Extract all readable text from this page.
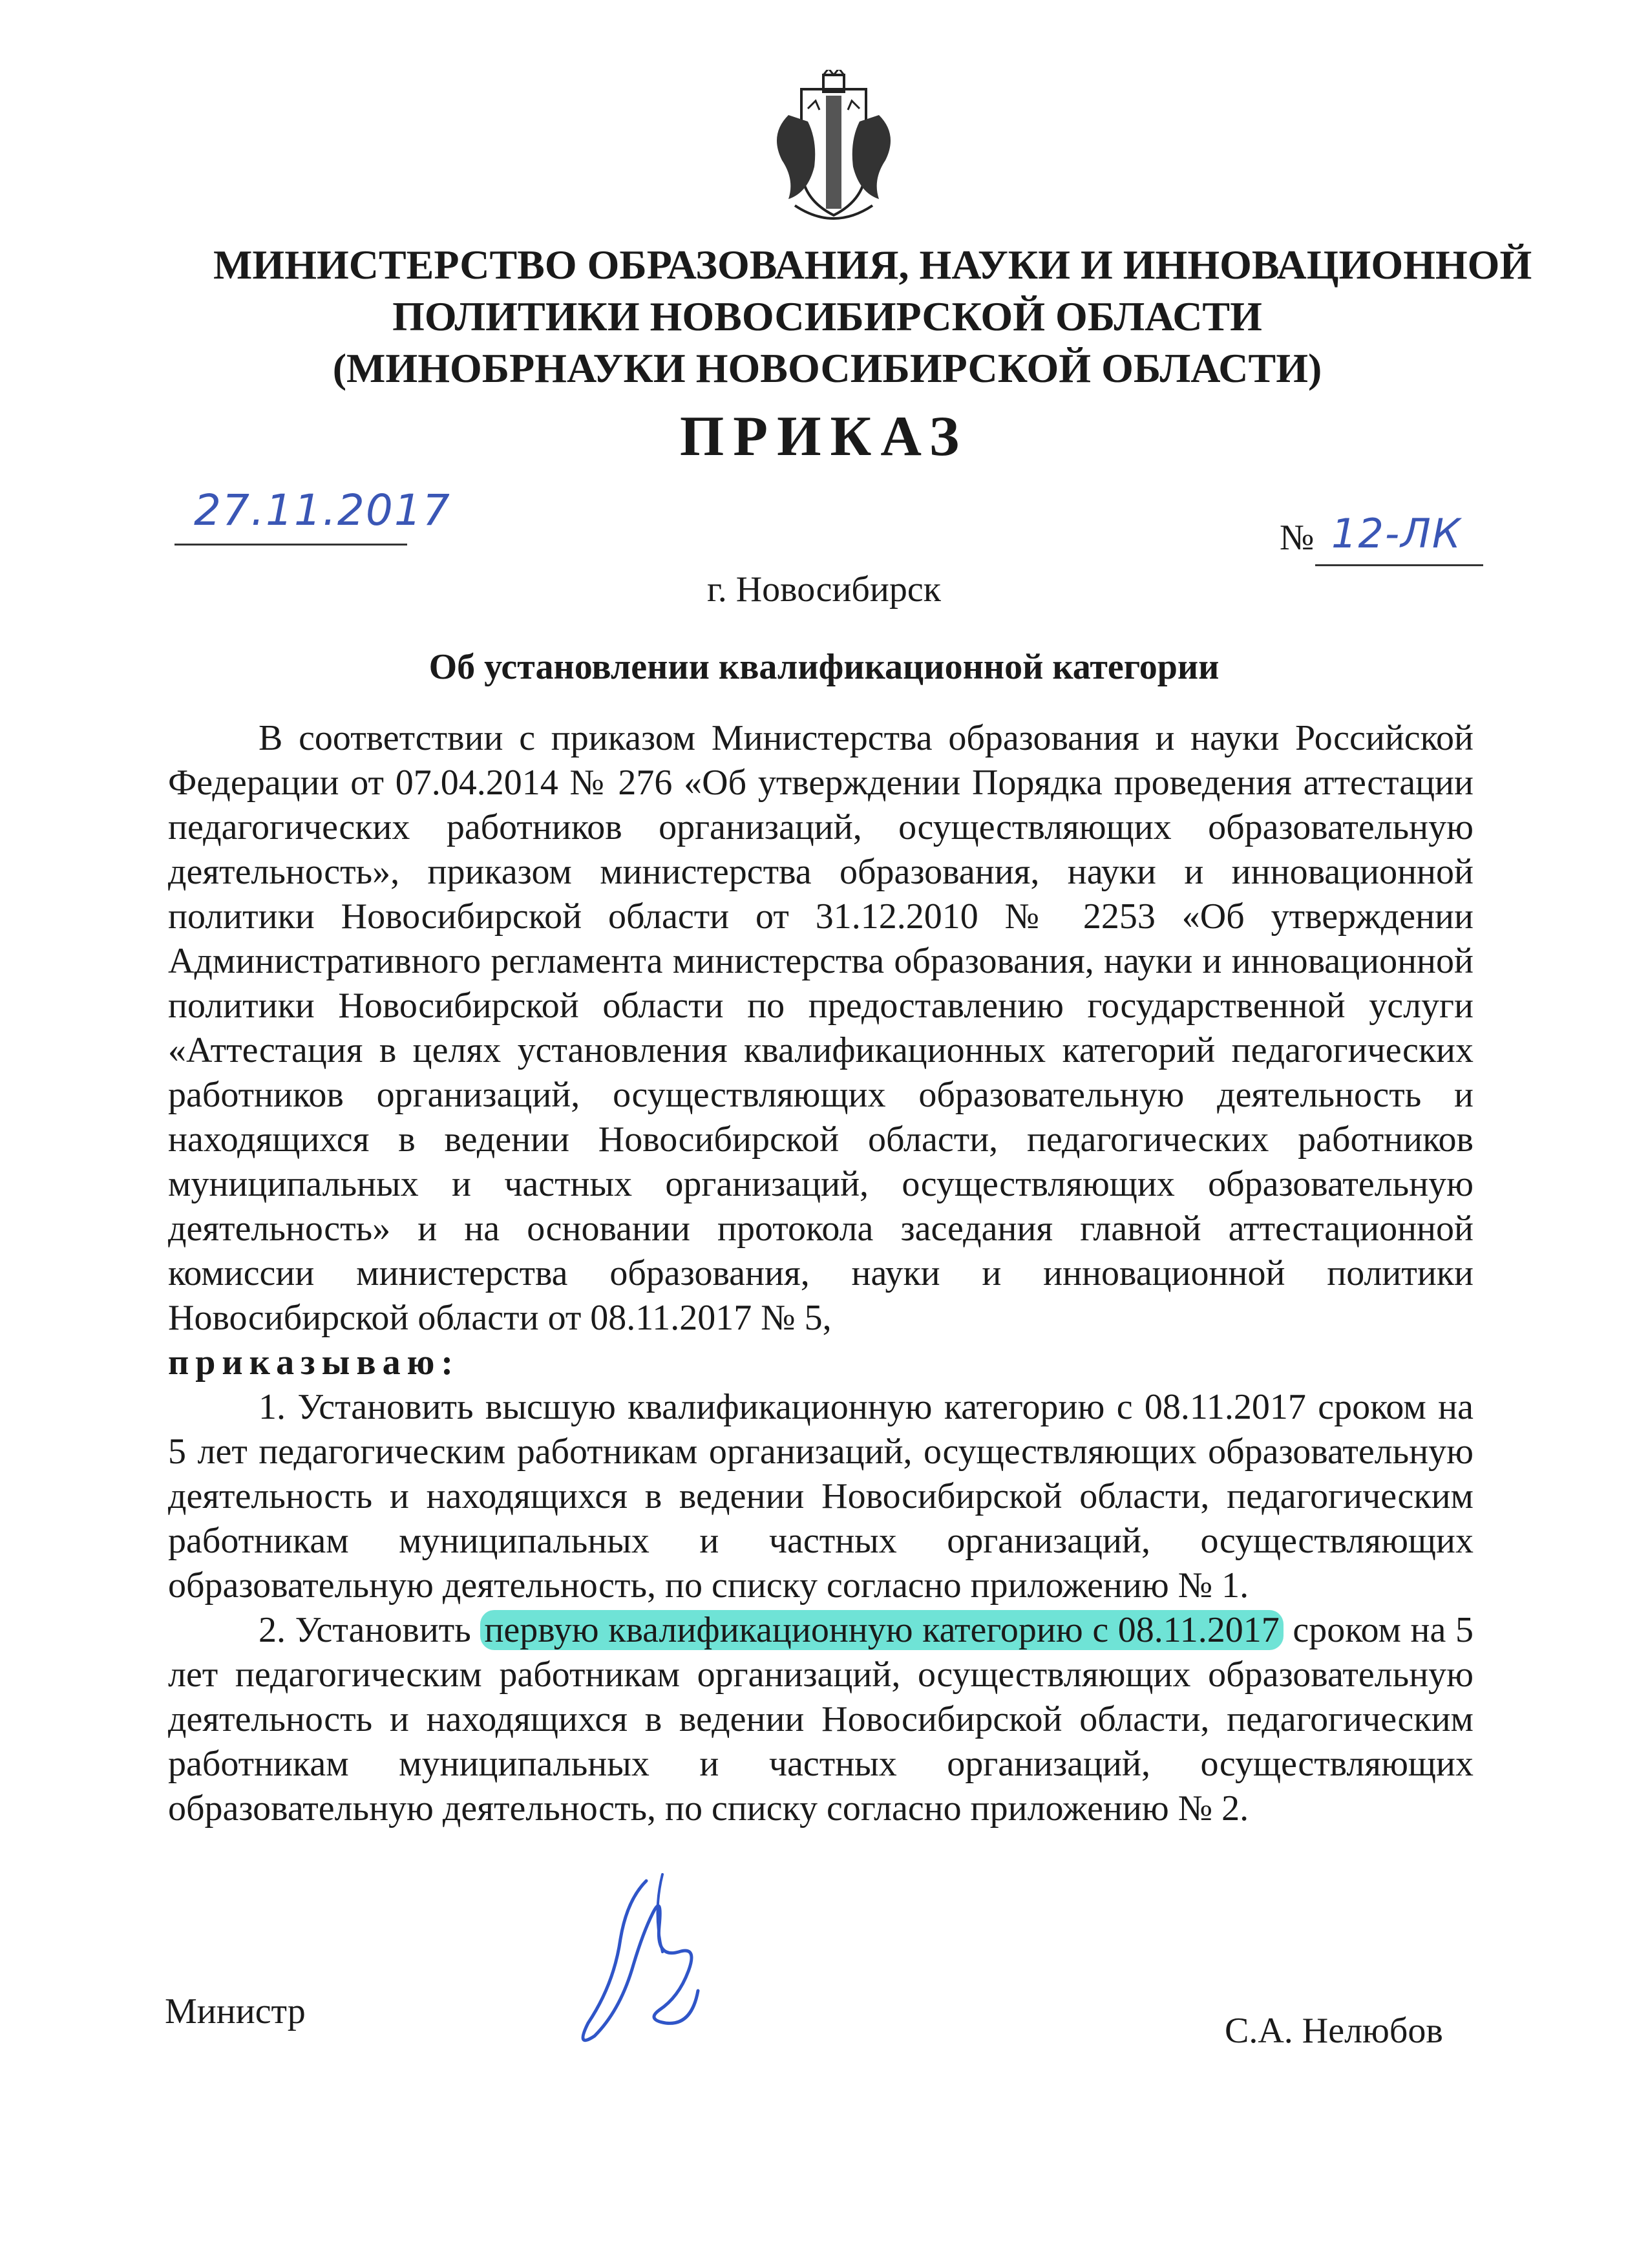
МИНИСТЕРСТВО ОБРАЗОВАНИЯ, НАУКИ И ИННОВАЦИОННОЙ
ПОЛИТИКИ НОВОСИБИРСКОЙ ОБЛАСТИ
(МИНОБРНАУКИ НОВОСИБИРСКОЙ ОБЛАСТИ)
ПРИКАЗ
27.11.2017
№ 12-ЛК
г. Новосибирск
Об установлении квалификационной категории

В соответствии с приказом Министерства образования и науки Российской Федерации от 07.04.2014 № 276 «Об утверждении Порядка проведения аттестации педагогических работников организаций, осуществляющих образовательную деятельность», приказом министерства образования, науки и инновационной политики Новосибирской области от 31.12.2010 № 2253 «Об утверждении Административного регламента министерства образования, науки и инновационной политики Новосибирской области по предоставлению государственной услуги «Аттестация в целях установления квалификационных категорий педагогических работников организаций, осуществляющих образовательную деятельность и находящихся в ведении Новосибирской области, педагогических работников муниципальных и частных организаций, осуществляющих образовательную деятельность» и на основании протокола заседания главной аттестационной комиссии министерства образования, науки и инновационной политики Новосибирской области от 08.11.2017 № 5,

приказываю:

1. Установить высшую квалификационную категорию с 08.11.2017 сроком на 5 лет педагогическим работникам организаций, осуществляющих образовательную деятельность и находящихся в ведении Новосибирской области, педагогическим работникам муниципальных и частных организаций, осуществляющих образовательную деятельность, по списку согласно приложению № 1.

2. Установить первую квалификационную категорию с 08.11.2017 сроком на 5 лет педагогическим работникам организаций, осуществляющих образовательную деятельность и находящихся в ведении Новосибирской области, педагогическим работникам муниципальных и частных организаций, осуществляющих образовательную деятельность, по списку согласно приложению № 2.

Министр	С.А. Нелюбов
